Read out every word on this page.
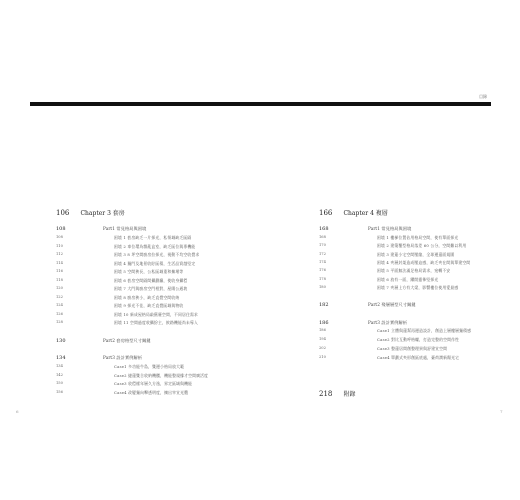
目錄
106 Chapter 3 套房
108	Part1 常見格局與困境
108	困境 1 套房缺乏一片採光，私領域缺乏區隔
110	困境 2 車位環為雜亂盒室，缺乏區位與專機能
112	困境 3 8 坪空間廚房拉採光，視動不均空收覺求
114	困境 4 獨門及地景收貯區積，生活品質越堅定
116	困境 5 空間狹長，公私區域重和擁堵等
118	困境 6 套房空間隔間攝劃廳，使收身攝穩
120	困境 7 大門與廚房空門相對，屋陽公通坡
122	困境 8 廚房狹小，缺乏直覺空間收納
124	困境 9 採光不佳，缺乏直覺區域與物收
126	困境 10 新成屋格局敲舊廢空間，不同居住需求
128	困境 11 空間過度收攝紛主，飲路機能尚未導入
130	Part2 套房格型尺寸關鍵
134	Part3 設計實例解析
134	Case1 多功能牛島，雙邊小格局放大範
142	Case2 捷蓮雙合收納機櫃，機能整規緣才空間廣活度
150	Case3 收穩樣年層久方逸，界定區域與機能
156	Case4 改變獨向擊透明度，擴出宰宣光纜
6
166 Chapter 4 複層
168	Part1 常見格局與困境
168	困境 1 樓梯位置佔用格局空間，使有單面採光
170	困境 2 建築覆型格局落差 60 公分，空間難以利用
172	困境 3 建蓮小宅空間壓縮，全球邊還面規圍
174	困境 4 夾層封架造成壓迫感，缺乏夾在間與單建空間
176	困境 5 平面無法滿足格局需求，宛轉不安
178	困境 6 放有一面，躍開靈佈堅採光
180	困境 7 夾層上方有大梁，影響樓位使用愛最感
182	Part2 殘層層型尺寸關鍵
186	Part3 設計實例解析
186	Case1 立體與蓮幫再邊造設計，創造上層樓層獨積感
194	Case2 對比互動呼格螺，打造完整的空間作性
202	Case3 整蓮居間創整理異與舒建宣空間
210	Case4 單劃式夾形創區底處，臺荷潤新陽光宅
218 附錄
7
